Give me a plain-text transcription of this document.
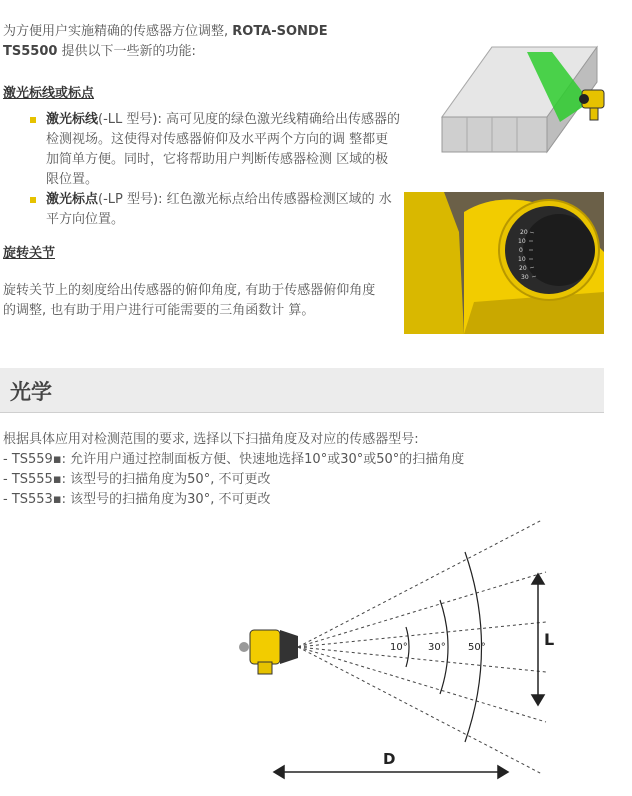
为方便用户实施精确的传感器方位调整, ROTA-SONDE
TS5500 提供以下一些新的功能:
激光标线或标点

激光标线(-LL 型号): 高可见度的绿色激光线精确给出传感器的检测视场。这使得对传感器俯仰及水平两个方向的调 整都更加简单方便。同时，它将帮助用户判断传感器检测 区域的极限位置。

激光标点(-LP 型号): 红色激光标点给出传感器检测区域的 水平方向位置。

旋转关节
旋转关节上的刻度给出传感器的俯仰角度, 有助于传感器俯仰角度的调整, 也有助于用户进行可能需要的三角函数计 算。
20
10
0
10
20
30
光学
根据具体应用对检测范围的要求, 选择以下扫描角度及对应的传感器型号:
- TS559▪: 允许用户通过控制面板方便、快速地选择10°或30°或50°的扫描角度
- TS555▪: 该型号的扫描角度为50°, 不可更改
- TS553▪: 该型号的扫描角度为30°, 不可更改
10° 30° 50°	L
D
